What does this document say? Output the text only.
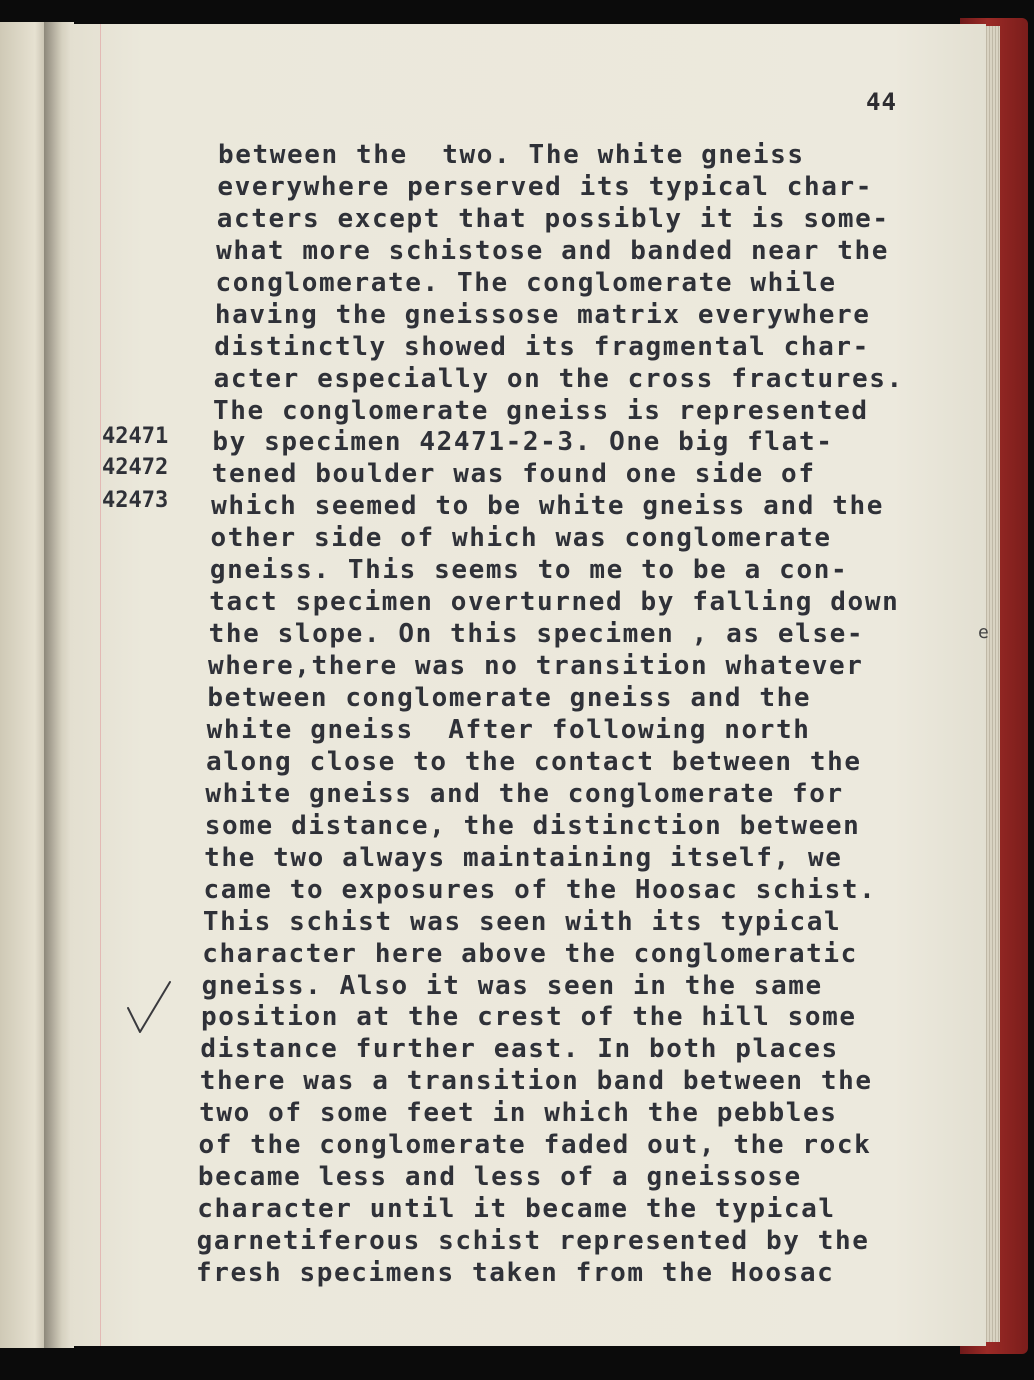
44
42471
42472
42473
between the  two. The white gneiss
everywhere perserved its typical char-
acters except that possibly it is some-
what more schistose and banded near the
conglomerate. The conglomerate while
having the gneissose matrix everywhere
distinctly showed its fragmental char-
acter especially on the cross fractures.
The conglomerate gneiss is represented
by specimen 42471-2-3. One big flat-
tened boulder was found one side of
which seemed to be white gneiss and the
other side of which was conglomerate
gneiss. This seems to me to be a con-
tact specimen overturned by falling down
the slope. On this specimen , as else-
where,there was no transition whatever
between conglomerate gneiss and the
white gneiss  After following north
along close to the contact between the
white gneiss and the conglomerate for
some distance, the distinction between
the two always maintaining itself, we
came to exposures of the Hoosac schist.
This schist was seen with its typical
character here above the conglomeratic
gneiss. Also it was seen in the same
position at the crest of the hill some
distance further east. In both places
there was a transition band between the
two of some feet in which the pebbles
of the conglomerate faded out, the rock
became less and less of a gneissose
character until it became the typical
garnetiferous schist represented by the
fresh specimens taken from the Hoosac
e
